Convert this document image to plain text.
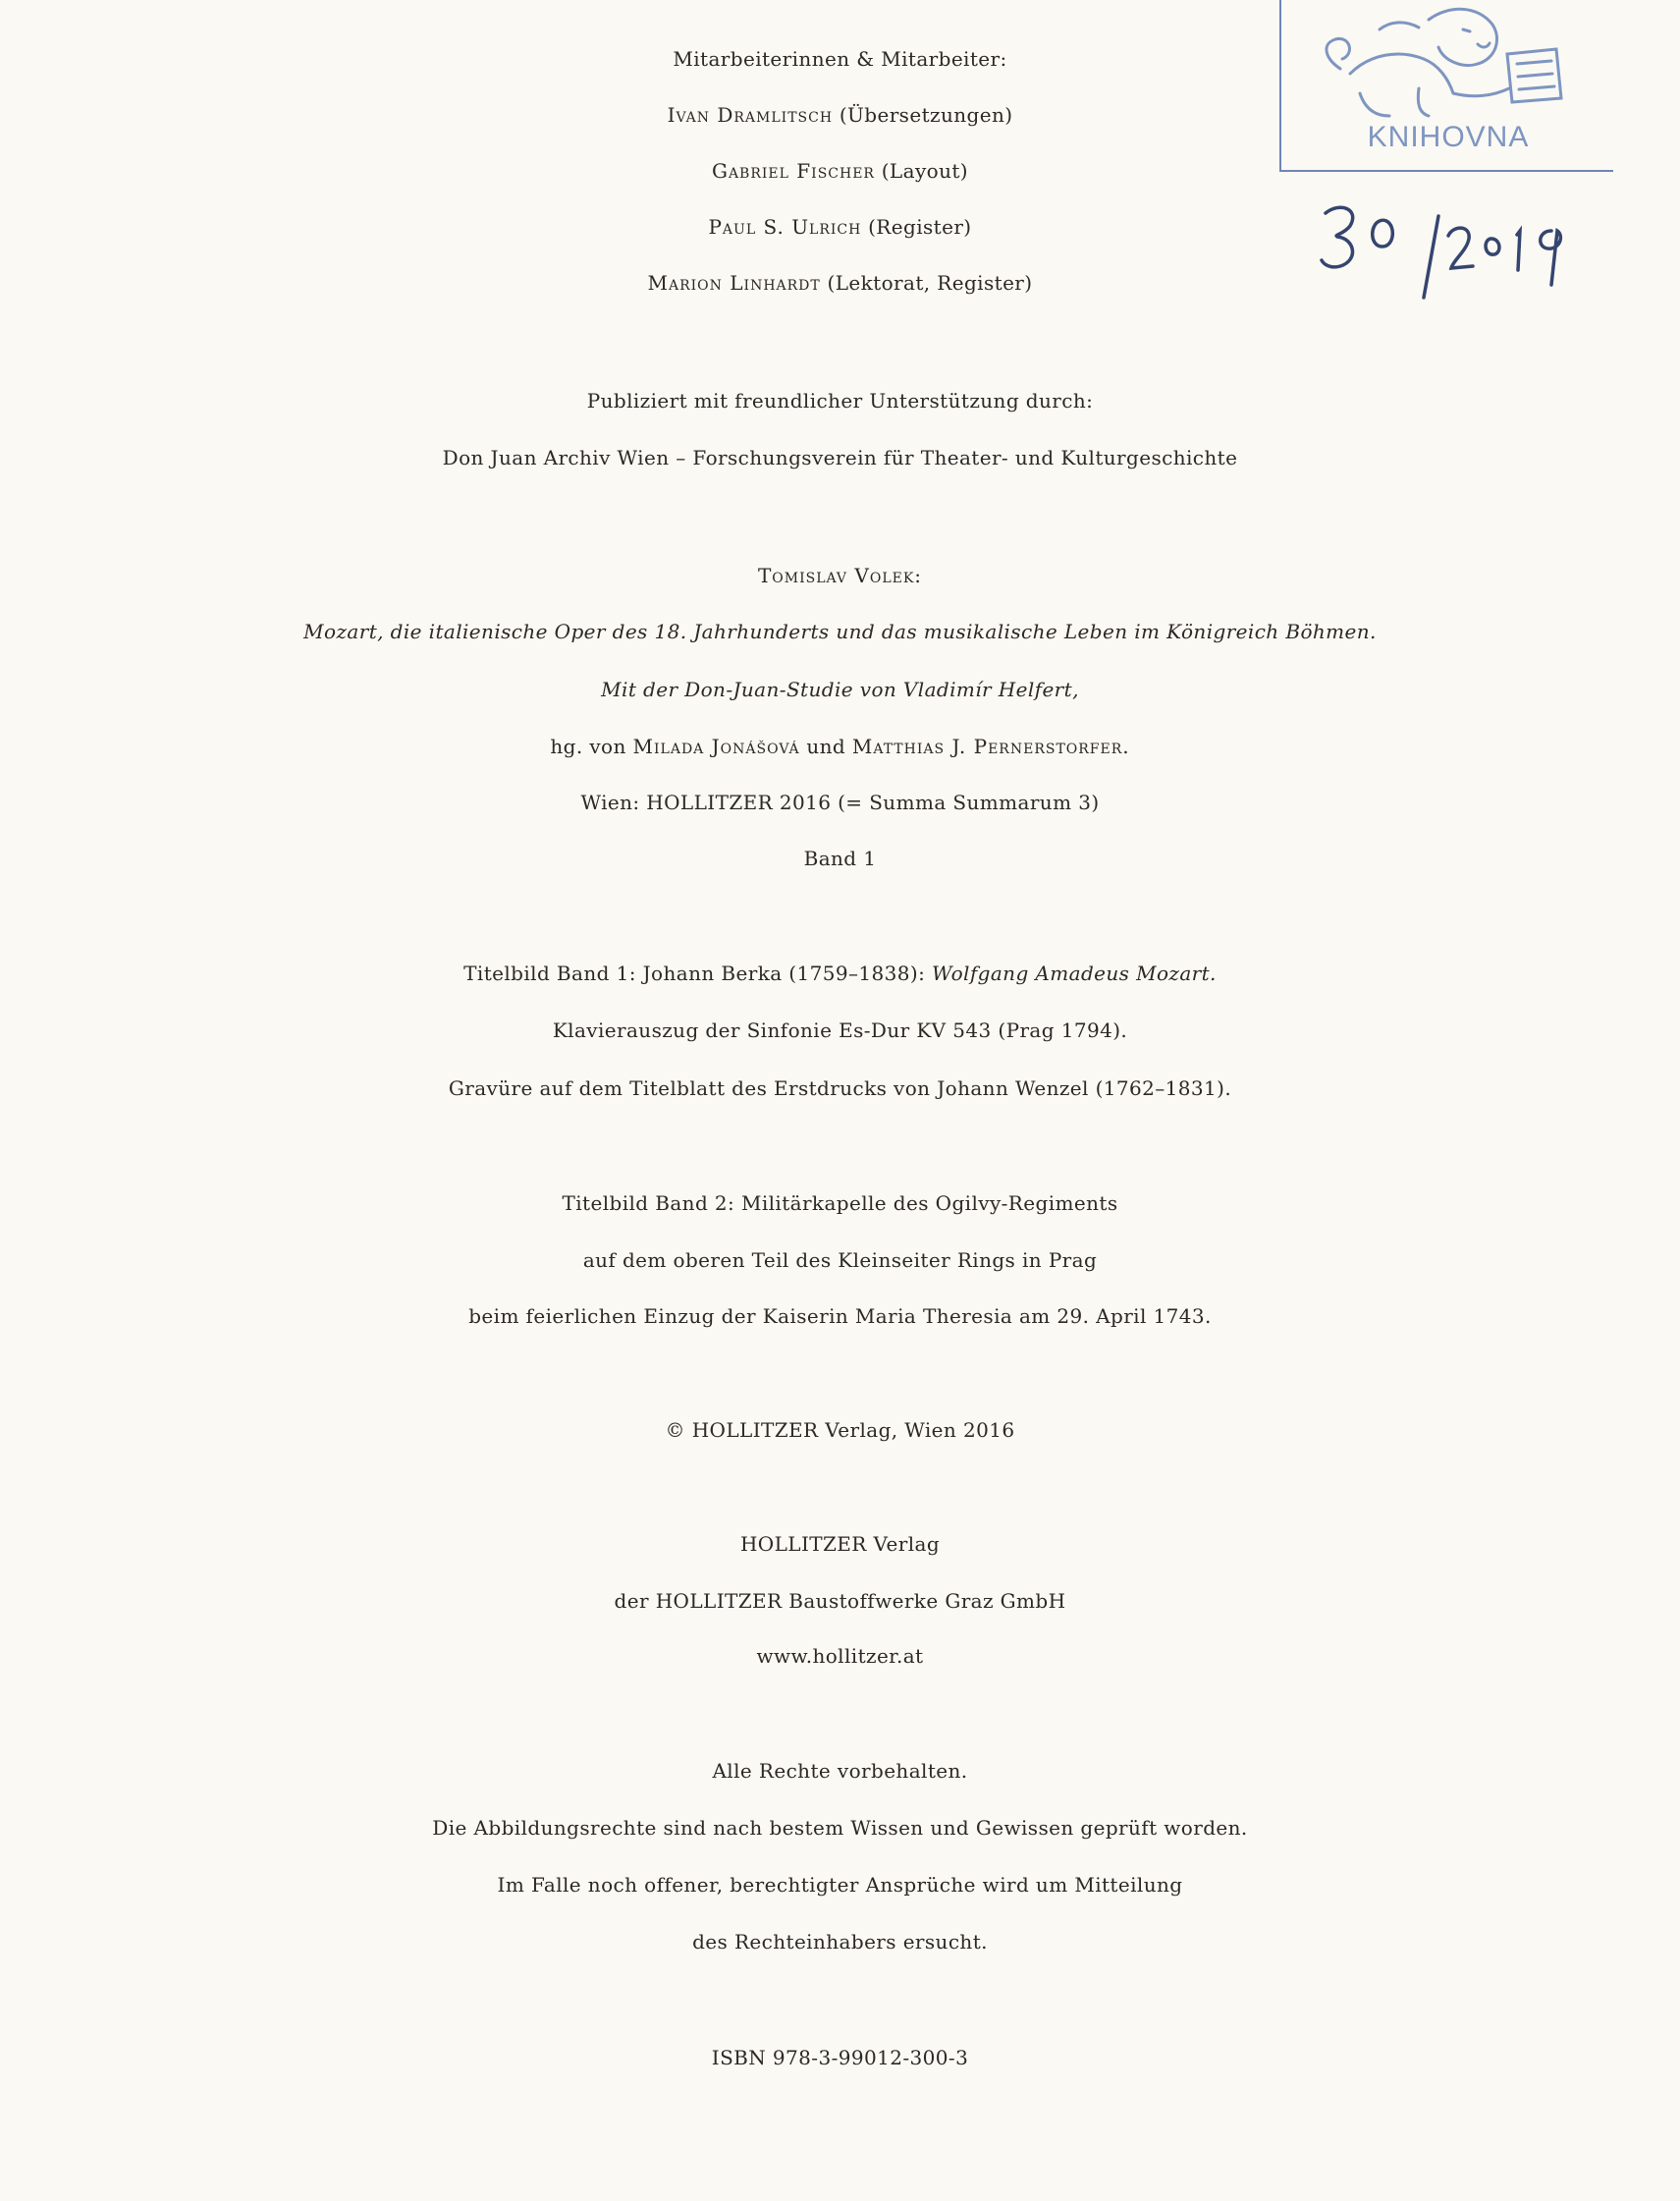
KNIHOVNA

Mitarbeiterinnen & Mitarbeiter:

Ivan Dramlitsch (Übersetzungen)

Gabriel Fischer (Layout)

Paul S. Ulrich (Register)

Marion Linhardt (Lektorat, Register)

Publiziert mit freundlicher Unterstützung durch:

Don Juan Archiv Wien – Forschungsverein für Theater- und Kulturgeschichte

Tomislav Volek:

Mozart, die italienische Oper des 18. Jahrhunderts und das musikalische Leben im Königreich Böhmen.

Mit der Don-Juan-Studie von Vladimír Helfert,

hg. von Milada Jonášová und Matthias J. Pernerstorfer.

Wien: HOLLITZER 2016 (= Summa Summarum 3)

Band 1

Titelbild Band 1: Johann Berka (1759–1838): Wolfgang Amadeus Mozart.

Klavierauszug der Sinfonie Es-Dur KV 543 (Prag 1794).

Gravüre auf dem Titelblatt des Erstdrucks von Johann Wenzel (1762–1831).

Titelbild Band 2: Militärkapelle des Ogilvy-Regiments

auf dem oberen Teil des Kleinseiter Rings in Prag

beim feierlichen Einzug der Kaiserin Maria Theresia am 29. April 1743.

© HOLLITZER Verlag, Wien 2016

HOLLITZER Verlag

der HOLLITZER Baustoffwerke Graz GmbH

www.hollitzer.at

Alle Rechte vorbehalten.

Die Abbildungsrechte sind nach bestem Wissen und Gewissen geprüft worden.

Im Falle noch offener, berechtigter Ansprüche wird um Mitteilung

des Rechteinhabers ersucht.

ISBN 978-3-99012-300-3
